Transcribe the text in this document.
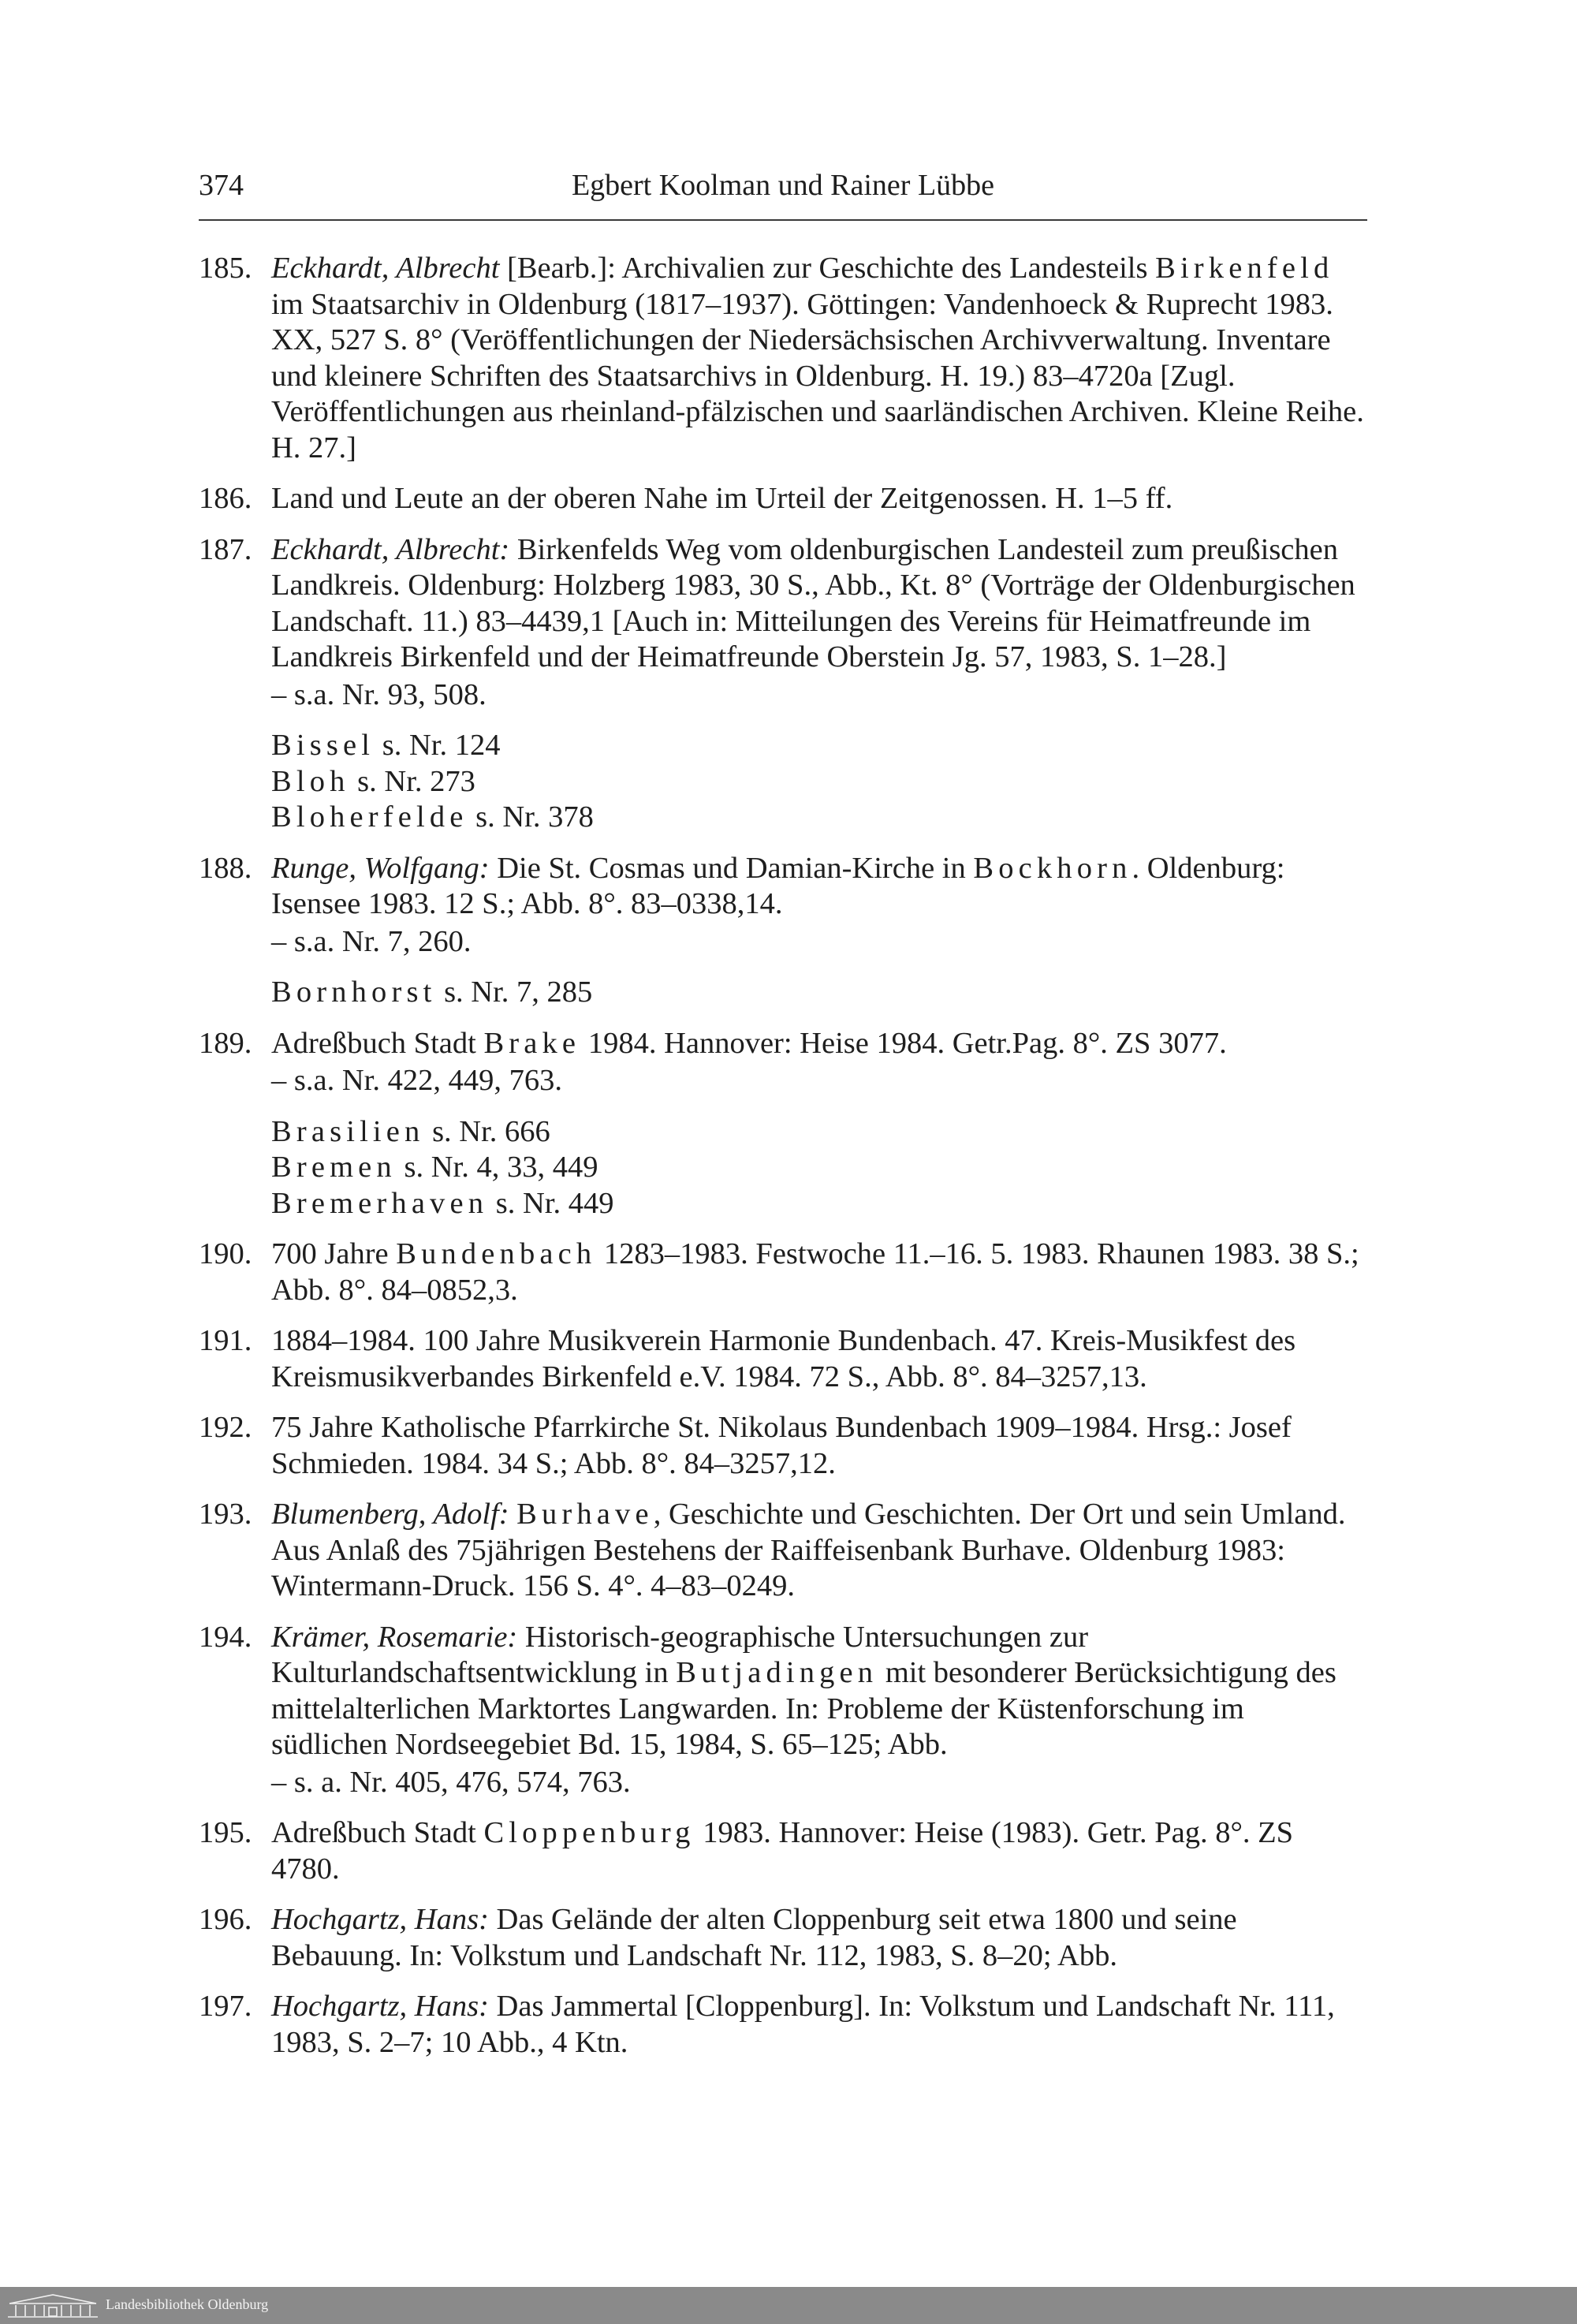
374	Egbert Koolman und Rainer Lübbe
185. Eckhardt, Albrecht [Bearb.]: Archivalien zur Geschichte des Landesteils Birkenfeld im Staatsarchiv in Oldenburg (1817–1937). Göttingen: Vandenhoeck & Ruprecht 1983. XX, 527 S. 8° (Veröffentlichungen der Niedersächsischen Archivverwaltung. Inventare und kleinere Schriften des Staatsarchivs in Oldenburg. H. 19.) 83–4720a [Zugl. Veröffentlichungen aus rheinland-pfälzischen und saarländischen Archiven. Kleine Reihe. H. 27.]
186. Land und Leute an der oberen Nahe im Urteil der Zeitgenossen. H. 1–5 ff.
187. Eckhardt, Albrecht: Birkenfelds Weg vom oldenburgischen Landesteil zum preußischen Landkreis. Oldenburg: Holzberg 1983, 30 S., Abb., Kt. 8° (Vorträge der Oldenburgischen Landschaft. 11.) 83–4439,1 [Auch in: Mitteilungen des Vereins für Heimatfreunde im Landkreis Birkenfeld und der Heimatfreunde Oberstein Jg. 57, 1983, S. 1–28.]
– s.a. Nr. 93, 508.
Bissel s. Nr. 124
Bloh s. Nr. 273
Bloherfelde s. Nr. 378
188. Runge, Wolfgang: Die St. Cosmas und Damian-Kirche in Bockhorn. Oldenburg: Isensee 1983. 12 S.; Abb. 8°. 83–0338,14.
– s.a. Nr. 7, 260.
Bornhorst s. Nr. 7, 285
189. Adreßbuch Stadt Brake 1984. Hannover: Heise 1984. Getr.Pag. 8°. ZS 3077.
– s.a. Nr. 422, 449, 763.
Brasilien s. Nr. 666
Bremen s. Nr. 4, 33, 449
Bremerhaven s. Nr. 449
190. 700 Jahre Bundenbach 1283–1983. Festwoche 11.–16. 5. 1983. Rhaunen 1983. 38 S.; Abb. 8°. 84–0852,3.
191. 1884–1984. 100 Jahre Musikverein Harmonie Bundenbach. 47. Kreis-Musikfest des Kreismusikverbandes Birkenfeld e.V. 1984. 72 S., Abb. 8°. 84–3257,13.
192. 75 Jahre Katholische Pfarrkirche St. Nikolaus Bundenbach 1909–1984. Hrsg.: Josef Schmieden. 1984. 34 S.; Abb. 8°. 84–3257,12.
193. Blumenberg, Adolf: Burhave, Geschichte und Geschichten. Der Ort und sein Umland. Aus Anlaß des 75jährigen Bestehens der Raiffeisenbank Burhave. Oldenburg 1983: Wintermann-Druck. 156 S. 4°. 4–83–0249.
194. Krämer, Rosemarie: Historisch-geographische Untersuchungen zur Kulturlandschaftsentwicklung in Butjadingen mit besonderer Berücksichtigung des mittelalterlichen Marktortes Langwarden. In: Probleme der Küstenforschung im südlichen Nordseegebiet Bd. 15, 1984, S. 65–125; Abb.
– s. a. Nr. 405, 476, 574, 763.
195. Adreßbuch Stadt Cloppenburg 1983. Hannover: Heise (1983). Getr. Pag. 8°. ZS 4780.
196. Hochgartz, Hans: Das Gelände der alten Cloppenburg seit etwa 1800 und seine Bebauung. In: Volkstum und Landschaft Nr. 112, 1983, S. 8–20; Abb.
197. Hochgartz, Hans: Das Jammertal [Cloppenburg]. In: Volkstum und Landschaft Nr. 111, 1983, S. 2–7; 10 Abb., 4 Ktn.
Landesbibliothek Oldenburg
